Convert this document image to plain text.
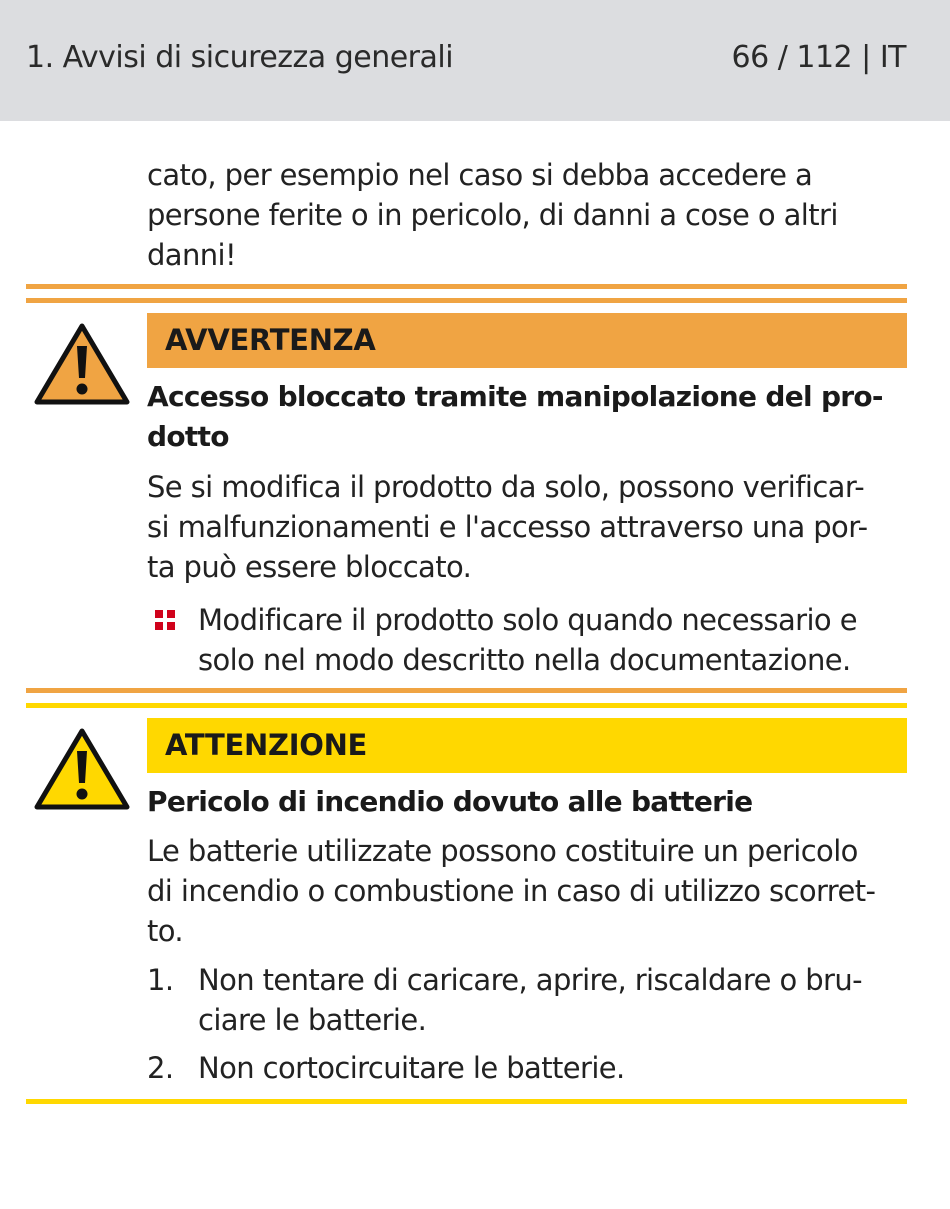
1. Avvisi di sicurezza generali	66 / 112 | IT

cato, per esempio nel caso si debba accedere a
persone ferite o in pericolo, di danni a cose o altri
danni!

AVVERTENZA

Accesso bloccato tramite manipolazione del pro-
dotto

Se si modifica il prodotto da solo, possono verificar-
si malfunzionamenti e l'accesso attraverso una por-
ta può essere bloccato.

Modificare il prodotto solo quando necessario e
solo nel modo descritto nella documentazione.

ATTENZIONE

Pericolo di incendio dovuto alle batterie

Le batterie utilizzate possono costituire un pericolo
di incendio o combustione in caso di utilizzo scorret-
to.

1. Non tentare di caricare, aprire, riscaldare o bru-
ciare le batterie.

2. Non cortocircuitare le batterie.
